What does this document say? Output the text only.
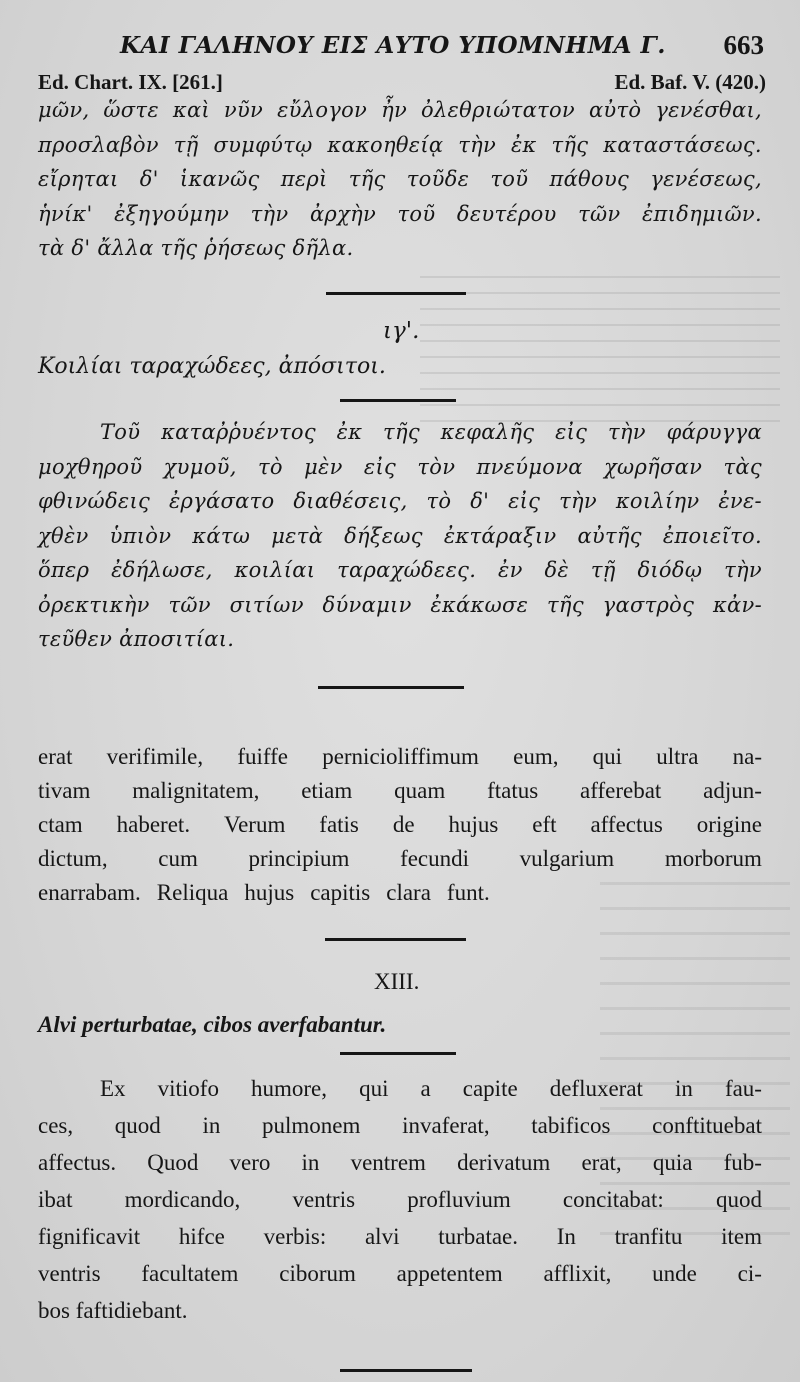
ΚΑΙ ΓΑΛΗΝΟΥ ΕΙΣ ΑΥΤΟ ΥΠΟΜΝΗΜΑ Γ. 663
Ed. Chart. IX. [261.]	Ed. Baf. V. (420.)
μῶν, ὥστε καὶ νῦν εὔλογον ἦν ὀλεθριώτατον αὐτὸ γενέσθαι,
προσλαβὸν τῇ συμφύτῳ κακοηθείᾳ τὴν ἐκ τῆς καταστάσεως.
εἴρηται δ' ἱκανῶς περὶ τῆς τοῦδε τοῦ πάθους γενέσεως,
ἡνίκ' ἐξηγούμην τὴν ἀρχὴν τοῦ δευτέρου τῶν ἐπιδημιῶν.
τὰ δ' ἄλλα τῆς ῥήσεως δῆλα.
ιγ'.
Κοιλίαι ταραχώδεες, ἀπόσιτοι.
Τοῦ καταῤῥυέντος ἐκ τῆς κεφαλῆς εἰς τὴν φάρυγγα
μοχθηροῦ χυμοῦ, τὸ μὲν εἰς τὸν πνεύμονα χωρῆσαν τὰς
φθινώδεις ἐργάσατο διαθέσεις, τὸ δ' εἰς τὴν κοιλίην ἐνε-
χθὲν ὑπιὸν κάτω μετὰ δήξεως ἐκτάραξιν αὐτῆς ἐποιεῖτο.
ὅπερ ἐδήλωσε, κοιλίαι ταραχώδεες. ἐν δὲ τῇ διόδῳ τὴν
ὀρεκτικὴν τῶν σιτίων δύναμιν ἐκάκωσε τῆς γαστρὸς κἀν-
τεῦθεν ἀποσιτίαι.
erat verifimile, fuiffe pernicioliffimum eum, qui ultra na-
tivam malignitatem, etiam quam ftatus afferebat adjun-
ctam haberet. Verum fatis de hujus eft affectus origine
dictum, cum principium fecundi vulgarium morborum
enarrabam. Reliqua hujus capitis clara funt.
XIII.
Alvi perturbatae, cibos averfabantur.
Ex vitiofo humore, qui a capite defluxerat in fau-
ces, quod in pulmonem invaferat, tabificos conftituebat
affectus. Quod vero in ventrem derivatum erat, quia fub-
ibat mordicando, ventris profluvium concitabat: quod
fignificavit hifce verbis: alvi turbatae. In tranfitu item
ventris facultatem ciborum appetentem afflixit, unde ci-
bos faftidiebant.
